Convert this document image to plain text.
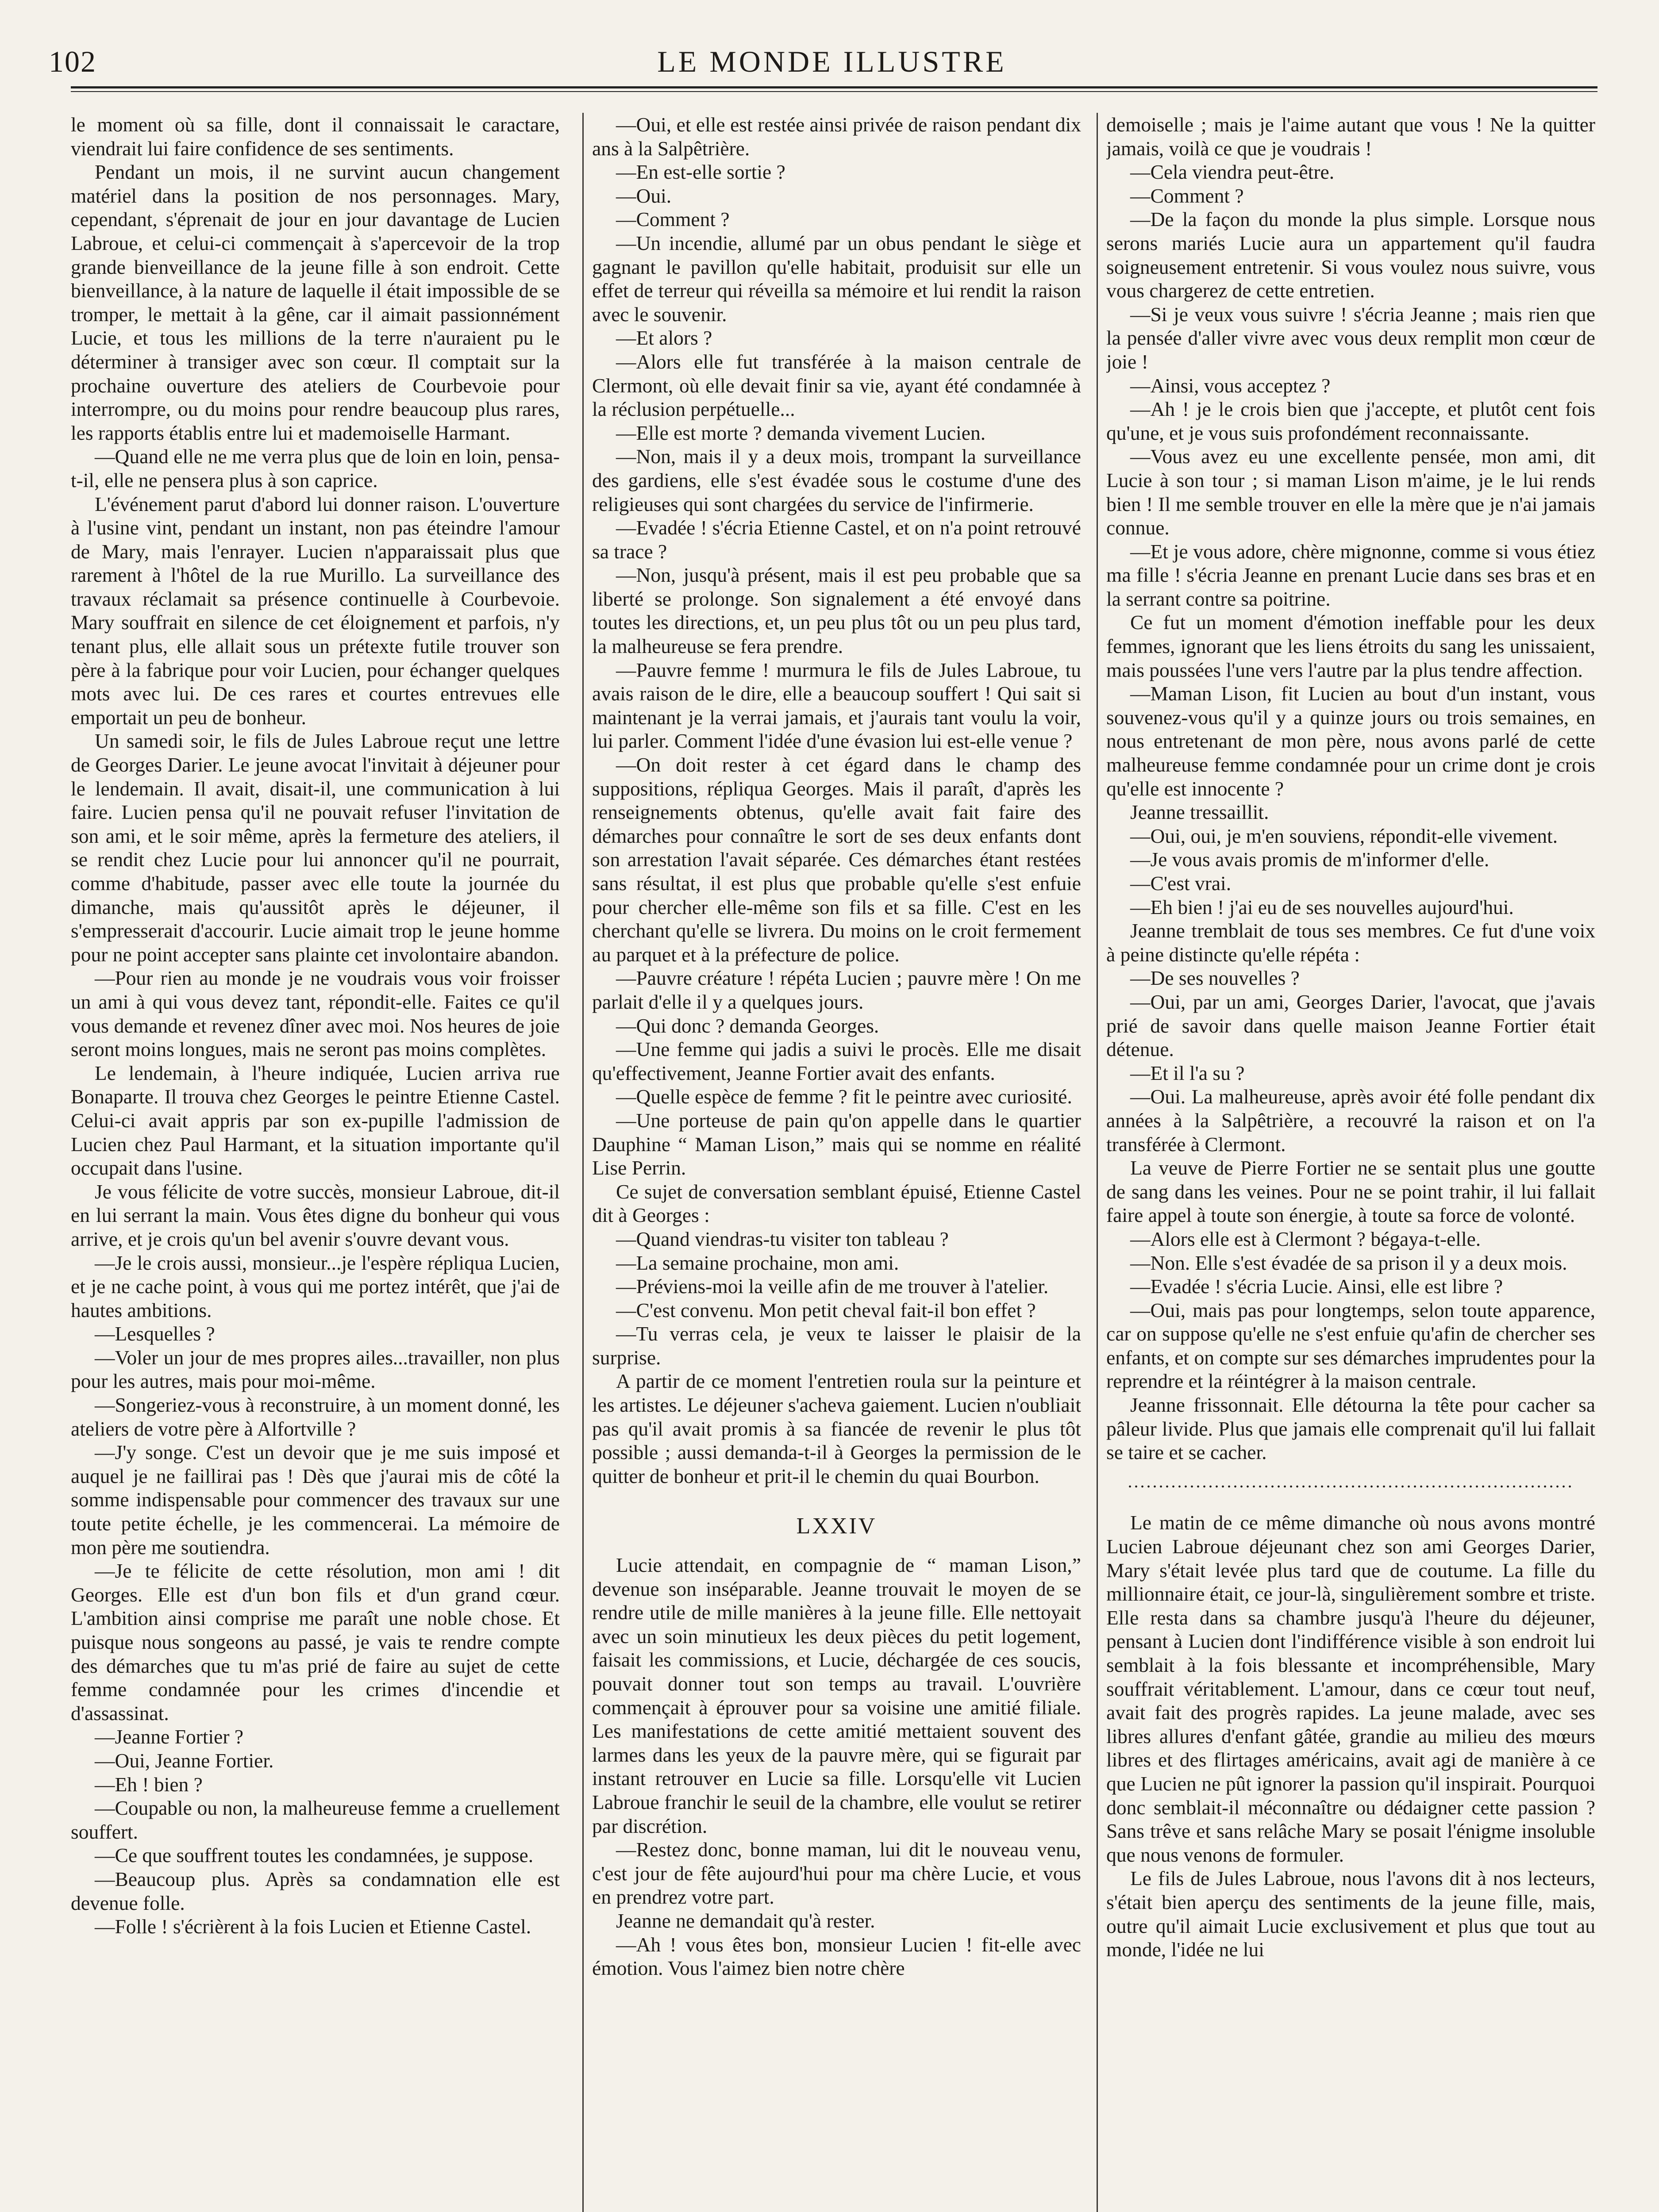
102	LE MONDE ILLUSTRE

le moment où sa fille, dont il connaissait le caractare, viendrait lui faire confidence de ses sentiments.

Pendant un mois, il ne survint aucun changement matériel dans la position de nos personnages. Mary, cependant, s'éprenait de jour en jour davantage de Lucien Labroue, et celui-ci commençait à s'apercevoir de la trop grande bienveillance de la jeune fille à son endroit. Cette bienveillance, à la nature de laquelle il était impossible de se tromper, le mettait à la gêne, car il aimait passionnément Lucie, et tous les millions de la terre n'auraient pu le déterminer à transiger avec son cœur. Il comptait sur la prochaine ouverture des ateliers de Courbevoie pour interrompre, ou du moins pour rendre beaucoup plus rares, les rapports établis entre lui et mademoiselle Harmant.

—Quand elle ne me verra plus que de loin en loin, pensa-t-il, elle ne pensera plus à son caprice.

L'événement parut d'abord lui donner raison. L'ouverture à l'usine vint, pendant un instant, non pas éteindre l'amour de Mary, mais l'enrayer. Lucien n'apparaissait plus que rarement à l'hôtel de la rue Murillo. La surveillance des travaux réclamait sa présence continuelle à Courbevoie. Mary souffrait en silence de cet éloignement et parfois, n'y tenant plus, elle allait sous un prétexte futile trouver son père à la fabrique pour voir Lucien, pour échanger quelques mots avec lui. De ces rares et courtes entrevues elle emportait un peu de bonheur.

Un samedi soir, le fils de Jules Labroue reçut une lettre de Georges Darier. Le jeune avocat l'invitait à déjeuner pour le lendemain. Il avait, disait-il, une communication à lui faire. Lucien pensa qu'il ne pouvait refuser l'invitation de son ami, et le soir même, après la fermeture des ateliers, il se rendit chez Lucie pour lui annoncer qu'il ne pourrait, comme d'habitude, passer avec elle toute la journée du dimanche, mais qu'aussitôt après le déjeuner, il s'empresserait d'accourir. Lucie aimait trop le jeune homme pour ne point accepter sans plainte cet involontaire abandon.

—Pour rien au monde je ne voudrais vous voir froisser un ami à qui vous devez tant, répondit-elle. Faites ce qu'il vous demande et revenez dîner avec moi. Nos heures de joie seront moins longues, mais ne seront pas moins complètes.

Le lendemain, à l'heure indiquée, Lucien arriva rue Bonaparte. Il trouva chez Georges le peintre Etienne Castel. Celui-ci avait appris par son ex-pupille l'admission de Lucien chez Paul Harmant, et la situation importante qu'il occupait dans l'usine.

Je vous félicite de votre succès, monsieur Labroue, dit-il en lui serrant la main. Vous êtes digne du bonheur qui vous arrive, et je crois qu'un bel avenir s'ouvre devant vous.

—Je le crois aussi, monsieur...je l'espère répliqua Lucien, et je ne cache point, à vous qui me portez intérêt, que j'ai de hautes ambitions.

—Lesquelles ?

—Voler un jour de mes propres ailes...travailler, non plus pour les autres, mais pour moi-même.

—Songeriez-vous à reconstruire, à un moment donné, les ateliers de votre père à Alfortville ?

—J'y songe. C'est un devoir que je me suis imposé et auquel je ne faillirai pas ! Dès que j'aurai mis de côté la somme indispensable pour commencer des travaux sur une toute petite échelle, je les commencerai. La mémoire de mon père me soutiendra.

—Je te félicite de cette résolution, mon ami ! dit Georges. Elle est d'un bon fils et d'un grand cœur. L'ambition ainsi comprise me paraît une noble chose. Et puisque nous songeons au passé, je vais te rendre compte des démarches que tu m'as prié de faire au sujet de cette femme condamnée pour les crimes d'incendie et d'assassinat.

—Jeanne Fortier ?

—Oui, Jeanne Fortier.

—Eh ! bien ?

—Coupable ou non, la malheureuse femme a cruellement souffert.

—Ce que souffrent toutes les condamnées, je suppose.

—Beaucoup plus. Après sa condamnation elle est devenue folle.

—Folle ! s'écrièrent à la fois Lucien et Etienne Castel.

—Oui, et elle est restée ainsi privée de raison pendant dix ans à la Salpêtrière.

—En est-elle sortie ?

—Oui.

—Comment ?

—Un incendie, allumé par un obus pendant le siège et gagnant le pavillon qu'elle habitait, produisit sur elle un effet de terreur qui réveilla sa mémoire et lui rendit la raison avec le souvenir.

—Et alors ?

—Alors elle fut transférée à la maison centrale de Clermont, où elle devait finir sa vie, ayant été condamnée à la réclusion perpétuelle...

—Elle est morte ? demanda vivement Lucien.

—Non, mais il y a deux mois, trompant la surveillance des gardiens, elle s'est évadée sous le costume d'une des religieuses qui sont chargées du service de l'infirmerie.

—Evadée ! s'écria Etienne Castel, et on n'a point retrouvé sa trace ?

—Non, jusqu'à présent, mais il est peu probable que sa liberté se prolonge. Son signalement a été envoyé dans toutes les directions, et, un peu plus tôt ou un peu plus tard, la malheureuse se fera prendre.

—Pauvre femme ! murmura le fils de Jules Labroue, tu avais raison de le dire, elle a beaucoup souffert ! Qui sait si maintenant je la verrai jamais, et j'aurais tant voulu la voir, lui parler. Comment l'idée d'une évasion lui est-elle venue ?

—On doit rester à cet égard dans le champ des suppositions, répliqua Georges. Mais il paraît, d'après les renseignements obtenus, qu'elle avait fait faire des démarches pour connaître le sort de ses deux enfants dont son arrestation l'avait séparée. Ces démarches étant restées sans résultat, il est plus que probable qu'elle s'est enfuie pour chercher elle-même son fils et sa fille. C'est en les cherchant qu'elle se livrera. Du moins on le croit fermement au parquet et à la préfecture de police.

—Pauvre créature ! répéta Lucien ; pauvre mère ! On me parlait d'elle il y a quelques jours.

—Qui donc ? demanda Georges.

—Une femme qui jadis a suivi le procès. Elle me disait qu'effectivement, Jeanne Fortier avait des enfants.

—Quelle espèce de femme ? fit le peintre avec curiosité.

—Une porteuse de pain qu'on appelle dans le quartier Dauphine “ Maman Lison,” mais qui se nomme en réalité Lise Perrin.

Ce sujet de conversation semblant épuisé, Etienne Castel dit à Georges :

—Quand viendras-tu visiter ton tableau ?

—La semaine prochaine, mon ami.

—Préviens-moi la veille afin de me trouver à l'atelier.

—C'est convenu. Mon petit cheval fait-il bon effet ?

—Tu verras cela, je veux te laisser le plaisir de la surprise.

A partir de ce moment l'entretien roula sur la peinture et les artistes. Le déjeuner s'acheva gaiement. Lucien n'oubliait pas qu'il avait promis à sa fiancée de revenir le plus tôt possible ; aussi demanda-t-il à Georges la permission de le quitter de bonheur et prit-il le chemin du quai Bourbon.

LXXIV

Lucie attendait, en compagnie de “ maman Lison,” devenue son inséparable. Jeanne trouvait le moyen de se rendre utile de mille manières à la jeune fille. Elle nettoyait avec un soin minutieux les deux pièces du petit logement, faisait les commissions, et Lucie, déchargée de ces soucis, pouvait donner tout son temps au travail. L'ouvrière commençait à éprouver pour sa voisine une amitié filiale. Les manifestations de cette amitié mettaient souvent des larmes dans les yeux de la pauvre mère, qui se figurait par instant retrouver en Lucie sa fille. Lorsqu'elle vit Lucien Labroue franchir le seuil de la chambre, elle voulut se retirer par discrétion.

—Restez donc, bonne maman, lui dit le nouveau venu, c'est jour de fête aujourd'hui pour ma chère Lucie, et vous en prendrez votre part.

Jeanne ne demandait qu'à rester.

—Ah ! vous êtes bon, monsieur Lucien ! fit-elle avec émotion. Vous l'aimez bien notre chère

demoiselle ; mais je l'aime autant que vous ! Ne la quitter jamais, voilà ce que je voudrais !

—Cela viendra peut-être.

—Comment ?

—De la façon du monde la plus simple. Lorsque nous serons mariés Lucie aura un appartement qu'il faudra soigneusement entretenir. Si vous voulez nous suivre, vous vous chargerez de cette entretien.

—Si je veux vous suivre ! s'écria Jeanne ; mais rien que la pensée d'aller vivre avec vous deux remplit mon cœur de joie !

—Ainsi, vous acceptez ?

—Ah ! je le crois bien que j'accepte, et plutôt cent fois qu'une, et je vous suis profondément reconnaissante.

—Vous avez eu une excellente pensée, mon ami, dit Lucie à son tour ; si maman Lison m'aime, je le lui rends bien ! Il me semble trouver en elle la mère que je n'ai jamais connue.

—Et je vous adore, chère mignonne, comme si vous étiez ma fille ! s'écria Jeanne en prenant Lucie dans ses bras et en la serrant contre sa poitrine.

Ce fut un moment d'émotion ineffable pour les deux femmes, ignorant que les liens étroits du sang les unissaient, mais poussées l'une vers l'autre par la plus tendre affection.

—Maman Lison, fit Lucien au bout d'un instant, vous souvenez-vous qu'il y a quinze jours ou trois semaines, en nous entretenant de mon père, nous avons parlé de cette malheureuse femme condamnée pour un crime dont je crois qu'elle est innocente ?

Jeanne tressaillit.

—Oui, oui, je m'en souviens, répondit-elle vivement.

—Je vous avais promis de m'informer d'elle.

—C'est vrai.

—Eh bien ! j'ai eu de ses nouvelles aujourd'hui.

Jeanne tremblait de tous ses membres. Ce fut d'une voix à peine distincte qu'elle répéta :

—De ses nouvelles ?

—Oui, par un ami, Georges Darier, l'avocat, que j'avais prié de savoir dans quelle maison Jeanne Fortier était détenue.

—Et il l'a su ?

—Oui. La malheureuse, après avoir été folle pendant dix années à la Salpêtrière, a recouvré la raison et on l'a transférée à Clermont.

La veuve de Pierre Fortier ne se sentait plus une goutte de sang dans les veines. Pour ne se point trahir, il lui fallait faire appel à toute son énergie, à toute sa force de volonté.

—Alors elle est à Clermont ? bégaya-t-elle.

—Non. Elle s'est évadée de sa prison il y a deux mois.

—Evadée ! s'écria Lucie. Ainsi, elle est libre ?

—Oui, mais pas pour longtemps, selon toute apparence, car on suppose qu'elle ne s'est enfuie qu'afin de chercher ses enfants, et on compte sur ses démarches imprudentes pour la reprendre et la réintégrer à la maison centrale.

Jeanne frissonnait. Elle détourna la tête pour cacher sa pâleur livide. Plus que jamais elle comprenait qu'il lui fallait se taire et se cacher.

........................................................................

Le matin de ce même dimanche où nous avons montré Lucien Labroue déjeunant chez son ami Georges Darier, Mary s'était levée plus tard que de coutume. La fille du millionnaire était, ce jour-là, singulièrement sombre et triste. Elle resta dans sa chambre jusqu'à l'heure du déjeuner, pensant à Lucien dont l'indifférence visible à son endroit lui semblait à la fois blessante et incompréhensible, Mary souffrait véritablement. L'amour, dans ce cœur tout neuf, avait fait des progrès rapides. La jeune malade, avec ses libres allures d'enfant gâtée, grandie au milieu des mœurs libres et des flirtages américains, avait agi de manière à ce que Lucien ne pût ignorer la passion qu'il inspirait. Pourquoi donc semblait-il méconnaître ou dédaigner cette passion ? Sans trêve et sans relâche Mary se posait l'énigme insoluble que nous venons de formuler.

Le fils de Jules Labroue, nous l'avons dit à nos lecteurs, s'était bien aperçu des sentiments de la jeune fille, mais, outre qu'il aimait Lucie exclusivement et plus que tout au monde, l'idée ne lui
